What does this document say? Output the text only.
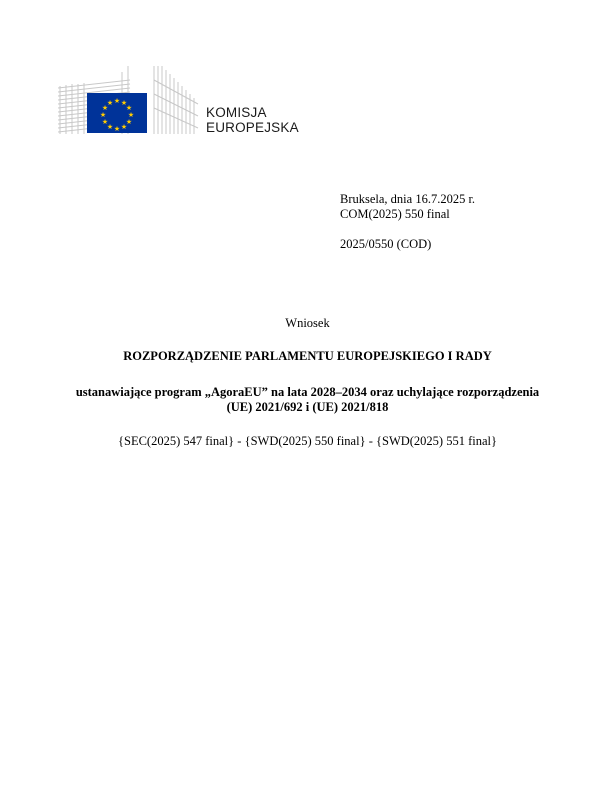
★ ★
★
★
★
★
★
★
★
★
★
★
KOMISJA
EUROPEJSKA
Bruksela, dnia 16.7.2025 r.
COM(2025) 550 final
2025/0550 (COD)
Wniosek
ROZPORZĄDZENIE PARLAMENTU EUROPEJSKIEGO I RADY
ustanawiające program „AgoraEU” na lata 2028–2034 oraz uchylające rozporządzenia
(UE) 2021/692 i (UE) 2021/818
{SEC(2025) 547 final} - {SWD(2025) 550 final} - {SWD(2025) 551 final}
